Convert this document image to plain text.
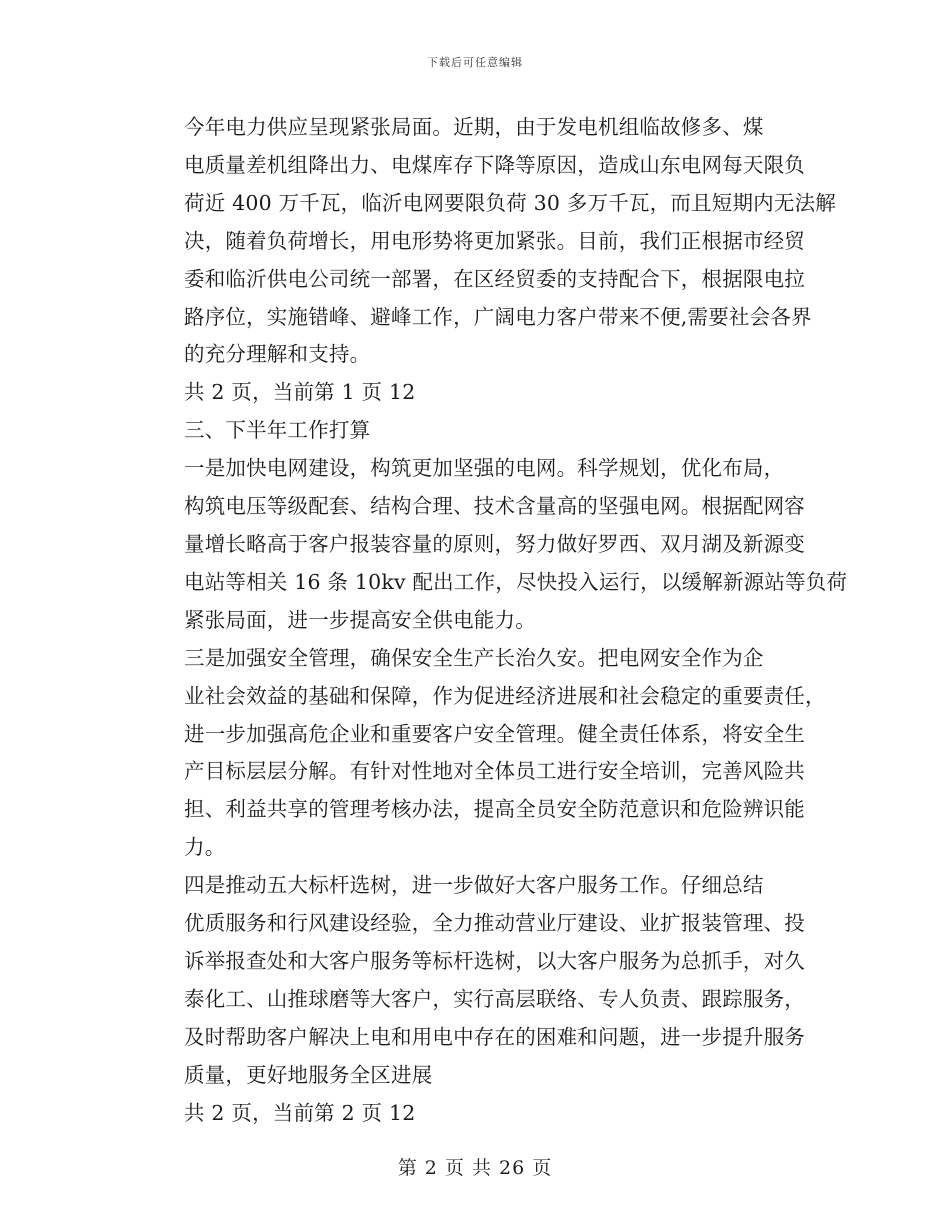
下载后可任意编辑

今年电力供应呈现紧张局面。近期，由于发电机组临故修多、煤
电质量差机组降出力、电煤库存下降等原因，造成山东电网每天限负
荷近 400 万千瓦，临沂电网要限负荷 30 多万千瓦，而且短期内无法解
决，随着负荷增长，用电形势将更加紧张。目前，我们正根据市经贸
委和临沂供电公司统一部署，在区经贸委的支持配合下，根据限电拉
路序位，实施错峰、避峰工作，广阔电力客户带来不便,需要社会各界
的充分理解和支持。

共 2 页，当前第 1 页 12

三、下半年工作打算

一是加快电网建设，构筑更加坚强的电网。科学规划，优化布局，
构筑电压等级配套、结构合理、技术含量高的坚强电网。根据配网容
量增长略高于客户报装容量的原则，努力做好罗西、双月湖及新源变
电站等相关 16 条 10kv 配出工作，尽快投入运行，以缓解新源站等负荷
紧张局面，进一步提高安全供电能力。

三是加强安全管理，确保安全生产长治久安。把电网安全作为企
业社会效益的基础和保障，作为促进经济进展和社会稳定的重要责任，
进一步加强高危企业和重要客户安全管理。健全责任体系，将安全生
产目标层层分解。有针对性地对全体员工进行安全培训，完善风险共
担、利益共享的管理考核办法，提高全员安全防范意识和危险辨识能
力。

四是推动五大标杆选树，进一步做好大客户服务工作。仔细总结
优质服务和行风建设经验，全力推动营业厅建设、业扩报装管理、投
诉举报查处和大客户服务等标杆选树，以大客户服务为总抓手，对久
泰化工、山推球磨等大客户，实行高层联络、专人负责、跟踪服务，
及时帮助客户解决上电和用电中存在的困难和问题，进一步提升服务
质量，更好地服务全区进展

共 2 页，当前第 2 页 12

第 2 页 共 26 页
